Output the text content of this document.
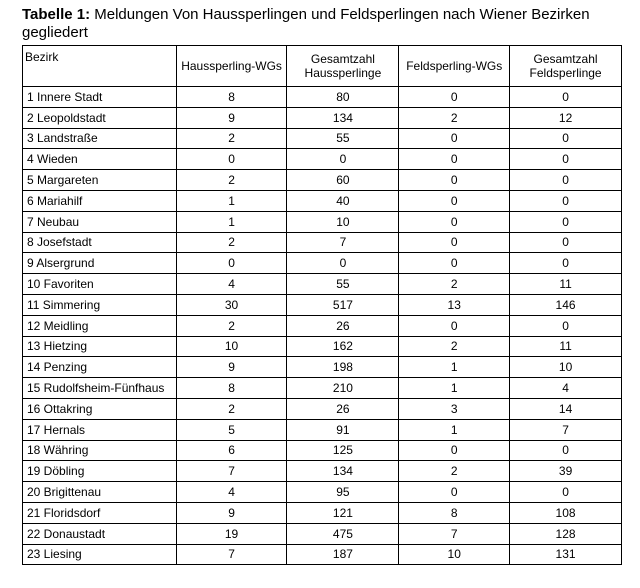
Tabelle 1: Meldungen Von Haussperlingen und Feldsperlingen nach Wiener Bezirken gegliedert
Bezirk	Haussperling-WGs	Gesamtzahl Haussperlinge	Feldsperling-WGs	Gesamtzahl Feldsperlinge
1 Innere Stadt	8	80	0	0
2 Leopoldstadt	9	134	2	12
3 Landstraße	2	55	0	0
4 Wieden	0	0	0	0
5 Margareten	2	60	0	0
6 Mariahilf	1	40	0	0
7 Neubau	1	10	0	0
8 Josefstadt	2	7	0	0
9 Alsergrund	0	0	0	0
10 Favoriten	4	55	2	11
11 Simmering	30	517	13	146
12 Meidling	2	26	0	0
13 Hietzing	10	162	2	11
14 Penzing	9	198	1	10
15 Rudolfsheim-Fünfhaus	8	210	1	4
16 Ottakring	2	26	3	14
17 Hernals	5	91	1	7
18 Währing	6	125	0	0
19 Döbling	7	134	2	39
20 Brigittenau	4	95	0	0
21 Floridsdorf	9	121	8	108
22 Donaustadt	19	475	7	128
23 Liesing	7	187	10	131
